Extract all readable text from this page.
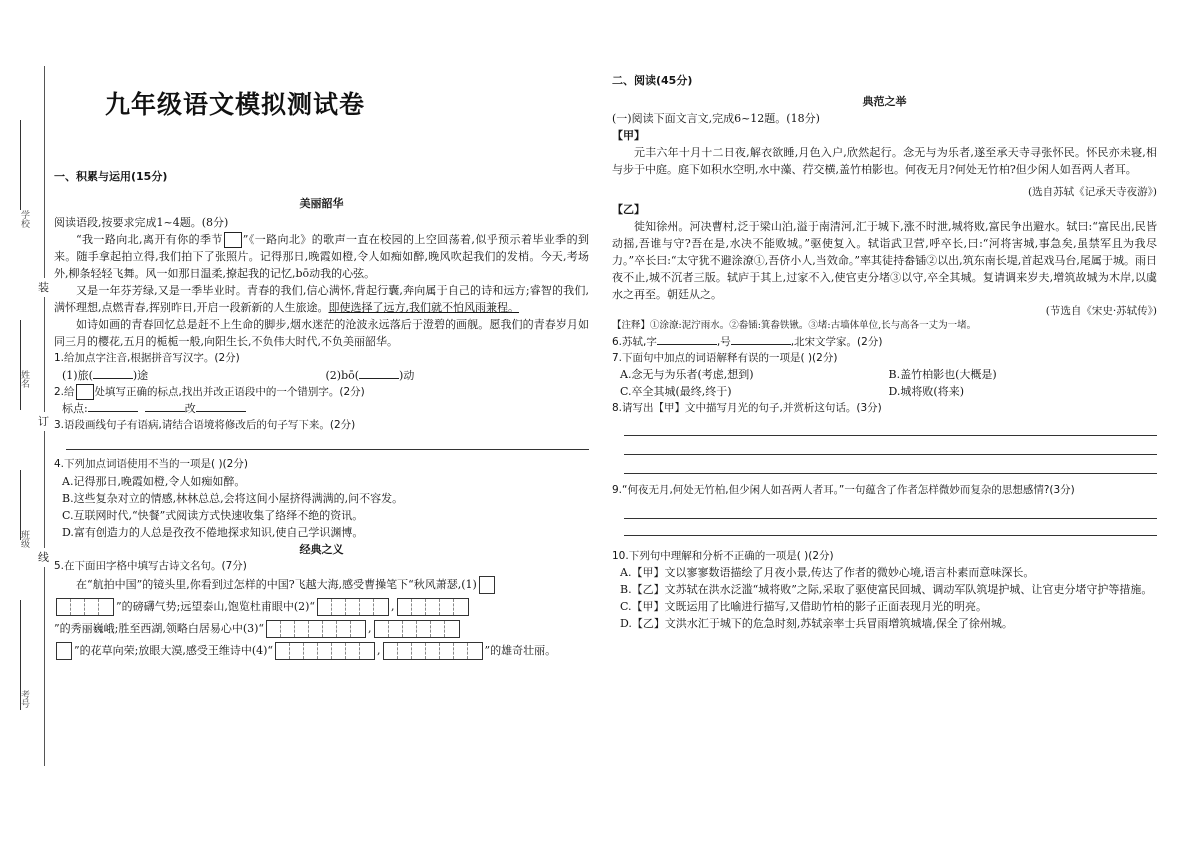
学校
姓名
班级
考号
装
订
线
九年级语文模拟测试卷
一、积累与运用(15分)
美丽韶华
阅读语段,按要求完成1~4题。(8分)
“我一路向北,离开有你的季节 ”《一路向北》的歌声一直在校园的上空回荡着,似乎预示着毕业季的到来。随手拿起拍立得,我们拍下了张照片。记得那日,晚霞如橙,令人如痴如醉,晚风吹起我们的发梢。今天,考场外,柳条轻轻飞舞。风一如那日温柔,撩起我的记忆,bō动我的心弦。
又是一年芬芳绿,又是一季毕业时。青春的我们,信心满怀,背起行囊,奔向属于自己的诗和远方;睿智的我们,满怀理想,点燃青春,挥别昨日,开启一段新新的人生旅途。即使选择了远方,我们就不怕风雨兼程。
如诗如画的青春回忆总是赶不上生命的脚步,烟水迷茫的沧波永远落后于澄碧的画舰。愿我们的青春岁月如同三月的樱花,五月的栀栀一般,向阳生长,不负伟大时代,不负美丽韶华。
1.给加点字注音,根据拼音写汉字。(2分)
(1)旅(	)途	(2)bō(	)动
2.给 处填写正确的标点,找出并改正语段中的一个错别字。(2分)
标点:	改
3.语段画线句子有语病,请结合语境将修改后的句子写下来。(2分)
4.下列加点词语使用不当的一项是( )(2分)
A.记得那日,晚霞如橙,令人如痴如醉。
B.这些复杂对立的情感,林林总总,会将这间小屋挤得满满的,问不容发。
C.互联网时代,“快餐”式阅读方式快速收集了络绎不绝的资讯。
D.富有创造力的人总是孜孜不倦地探求知识,使自己学识渊博。
经典之义
5.在下面田字格中填写古诗文名句。(7分)
在“航拍中国”的镜头里,你看到过怎样的中国?飞越大海,感受曹操笔下“秋风萧瑟,(1)

”的磅礴气势;远望泰山,饱览杜甫眼中(2)“	,

”的秀丽巍峨;胜至西湖,领略白居易心中(3)“	,

”的花草向荣;放眼大漠,感受王维诗中(4)“	,	”的雄奇壮丽。
二、阅读(45分)
典范之举
(一)阅读下面文言文,完成6~12题。(18分)
【甲】
元丰六年十月十二日夜,解衣欲睡,月色入户,欣然起行。念无与为乐者,遂至承天寺寻张怀民。怀民亦未寝,相与步于中庭。庭下如积水空明,水中藻、荇交横,盖竹柏影也。何夜无月?何处无竹柏?但少闲人如吾两人者耳。
(选自苏轼《记承天寺夜游》)
【乙】
徙知徐州。河决曹村,泛于梁山泊,溢于南清河,汇于城下,涨不时泄,城将败,富民争出避水。轼曰:“富民出,民皆动摇,吾谁与守?吾在是,水决不能败城。”驱使复入。轼诣武卫营,呼卒长,曰:“河将害城,事急矣,虽禁军且为我尽力。”卒长曰:“太守犹不避涂潦①,吾侪小人,当效命。”率其徒持畚锸②以出,筑东南长堤,首起戏马台,尾属于城。雨日夜不止,城不沉者三版。轼庐于其上,过家不入,使官吏分堵③以守,卒全其城。复请调来岁夫,增筑故城为木岸,以虞水之再至。朝廷从之。
(节选自《宋史·苏轼传》)
【注释】①涂潦:泥泞雨水。②畚锸:箕畚铁锹。③堵:古墙体单位,长与高各一丈为一堵。
6.苏轼,字	,号	,北宋文学家。(2分)
7.下面句中加点的词语解释有误的一项是( )(2分)
A.念无与为乐者(考虑,想到)	B.盖竹柏影也(大概是)
C.卒全其城(最终,终于)	D.城将败(将来)
8.请写出【甲】文中描写月光的句子,并赏析这句话。(3分)
9.“何夜无月,何处无竹柏,但少闲人如吾两人者耳。”一句蕴含了作者怎样微妙而复杂的思想感情?(3分)
10.下列句中理解和分析不正确的一项是( )(2分)
A.【甲】文以寥寥数语描绘了月夜小景,传达了作者的微妙心境,语言朴素而意味深长。
B.【乙】文苏轼在洪水泛滥“城将败”之际,采取了驱使富民回城、调动军队筑堤护城、让官吏分堵守护等措施。
C.【甲】文既运用了比喻进行描写,又借助竹柏的影子正面表现月光的明亮。
D.【乙】文洪水汇于城下的危急时刻,苏轼亲率士兵冒雨增筑城墙,保全了徐州城。
